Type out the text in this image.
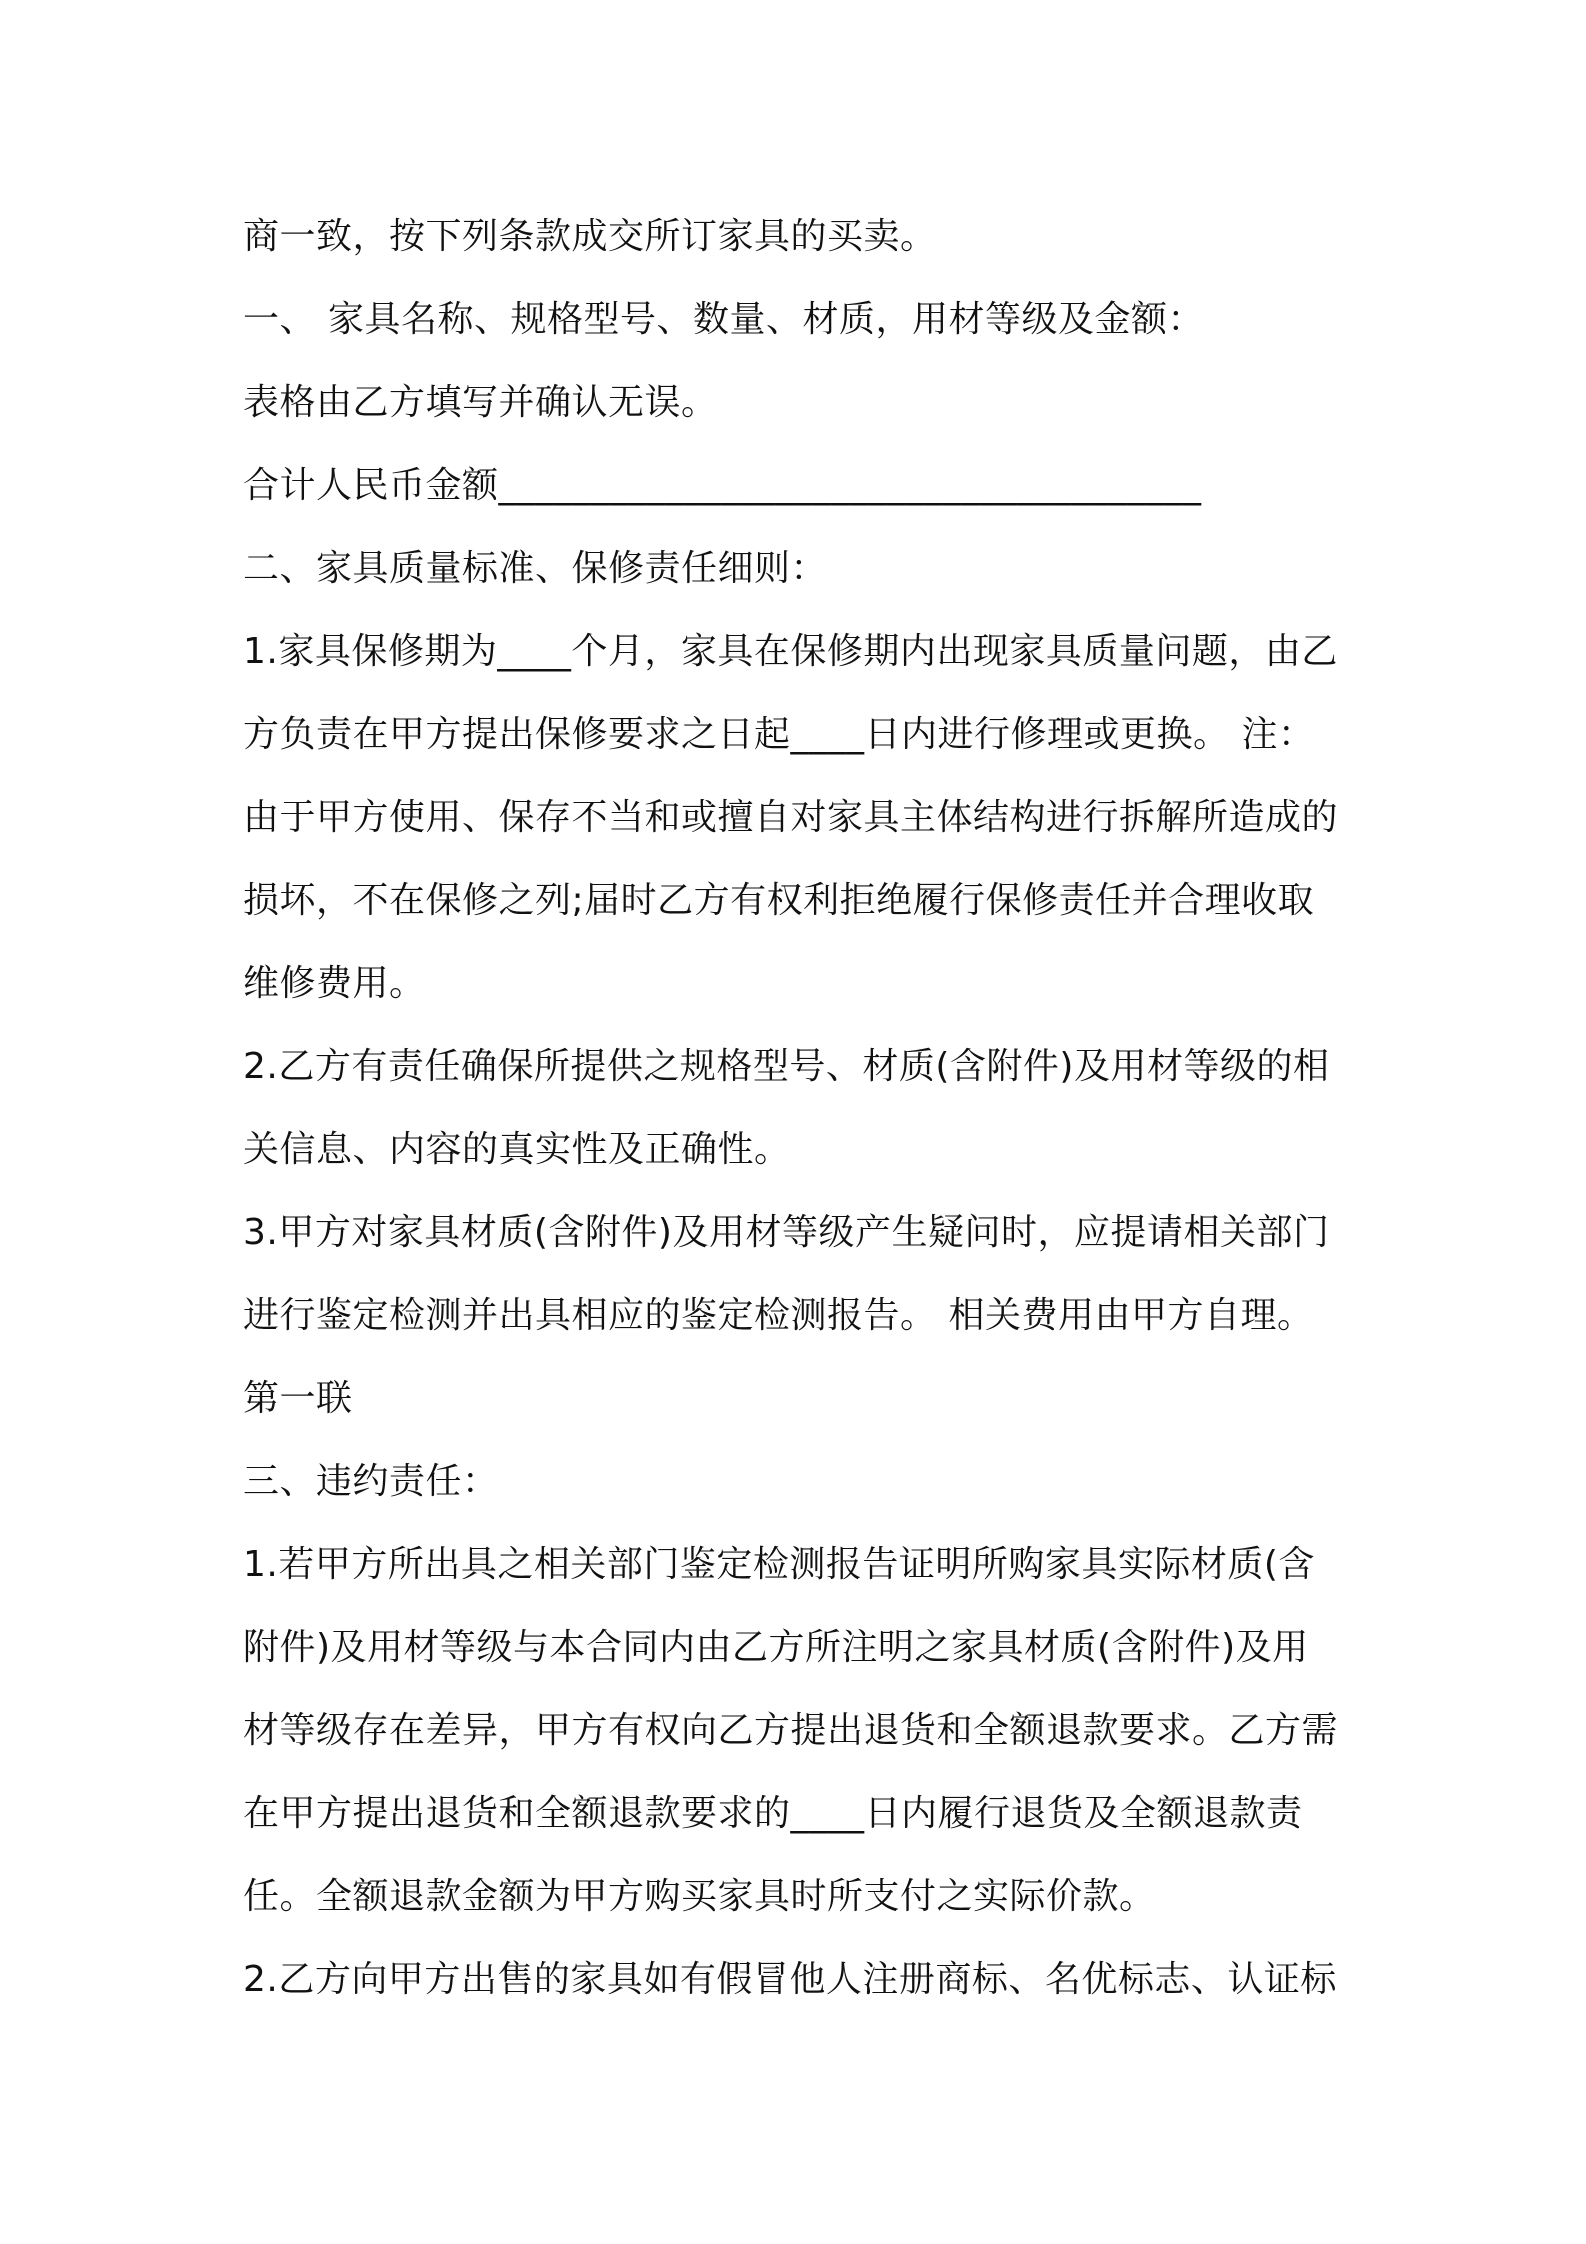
商一致，按下列条款成交所订家具的买卖。
一、 家具名称、规格型号、数量、材质，用材等级及金额：
表格由乙方填写并确认无误。
合计人民币金额______________________________________
二、家具质量标准、保修责任细则：
1.家具保修期为____个月，家具在保修期内出现家具质量问题，由乙
方负责在甲方提出保修要求之日起____日内进行修理或更换。 注：
由于甲方使用、保存不当和或擅自对家具主体结构进行拆解所造成的
损坏，不在保修之列;届时乙方有权利拒绝履行保修责任并合理收取
维修费用。
2.乙方有责任确保所提供之规格型号、材质(含附件)及用材等级的相
关信息、内容的真实性及正确性。
3.甲方对家具材质(含附件)及用材等级产生疑问时，应提请相关部门
进行鉴定检测并出具相应的鉴定检测报告。 相关费用由甲方自理。
第一联
三、违约责任：
1.若甲方所出具之相关部门鉴定检测报告证明所购家具实际材质(含
附件)及用材等级与本合同内由乙方所注明之家具材质(含附件)及用
材等级存在差异，甲方有权向乙方提出退货和全额退款要求。乙方需
在甲方提出退货和全额退款要求的____日内履行退货及全额退款责
任。全额退款金额为甲方购买家具时所支付之实际价款。
2.乙方向甲方出售的家具如有假冒他人注册商标、名优标志、认证标
